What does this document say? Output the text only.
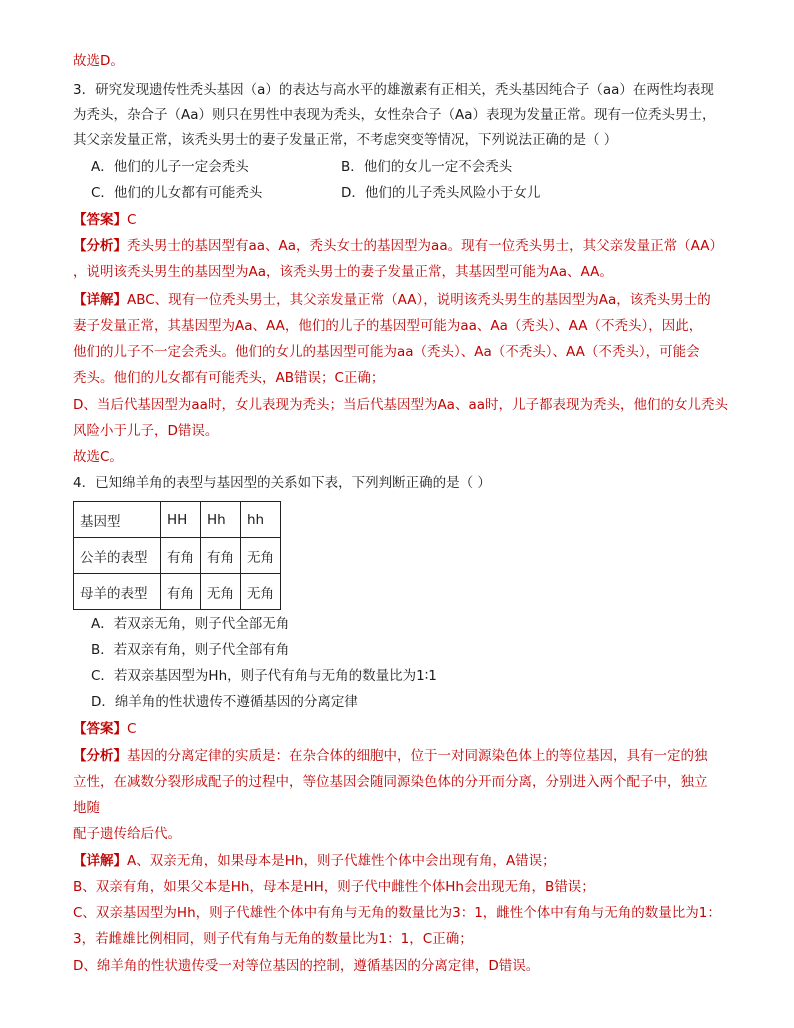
故选D。
3．研究发现遗传性秃头基因（a）的表达与高水平的雄激素有正相关，秃头基因纯合子（aa）在两性均表现
为秃头，杂合子（Aa）则只在男性中表现为秃头，女性杂合子（Aa）表现为发量正常。现有一位秃头男士，
其父亲发量正常，该秃头男士的妻子发量正常，不考虑突变等情况，下列说法正确的是（ ）
A．他们的儿子一定会秃头	B．他们的女儿一定不会秃头
C．他们的儿女都有可能秃头	D．他们的儿子秃头风险小于女儿
【答案】C
【分析】秃头男士的基因型有aa、Aa，秃头女士的基因型为aa。现有一位秃头男士，其父亲发量正常（AA）
，说明该秃头男生的基因型为Aa，该秃头男士的妻子发量正常，其基因型可能为Aa、AA。
【详解】ABC、现有一位秃头男士，其父亲发量正常（AA），说明该秃头男生的基因型为Aa，该秃头男士的
妻子发量正常，其基因型为Aa、AA，他们的儿子的基因型可能为aa、Aa（秃头）、AA（不秃头），因此，
他们的儿子不一定会秃头。他们的女儿的基因型可能为aa（秃头）、Aa（不秃头）、AA（不秃头），可能会
秃头。他们的儿女都有可能秃头，AB错误；C正确；
D、当后代基因型为aa时，女儿表现为秃头；当后代基因型为Aa、aa时，儿子都表现为秃头，他们的女儿秃头
风险小于儿子，D错误。
故选C。
4．已知绵羊角的表型与基因型的关系如下表，下列判断正确的是（ ）
基因型	HH	Hh	hh
公羊的表型	有角	有角	无角
母羊的表型	有角	无角	无角
A．若双亲无角，则子代全部无角
B．若双亲有角，则子代全部有角
C．若双亲基因型为Hh，则子代有角与无角的数量比为1∶1
D．绵羊角的性状遗传不遵循基因的分离定律
【答案】C
【分析】基因的分离定律的实质是：在杂合体的细胞中，位于一对同源染色体上的等位基因，具有一定的独
立性，在减数分裂形成配子的过程中，等位基因会随同源染色体的分开而分离，分别进入两个配子中，独立
地随
配子遗传给后代。
【详解】A、双亲无角，如果母本是Hh，则子代雄性个体中会出现有角，A错误；
B、双亲有角，如果父本是Hh，母本是HH，则子代中雌性个体Hh会出现无角，B错误；
C、双亲基因型为Hh，则子代雄性个体中有角与无角的数量比为3：1，雌性个体中有角与无角的数量比为1：
3，若雌雄比例相同，则子代有角与无角的数量比为1：1，C正确；
D、绵羊角的性状遗传受一对等位基因的控制，遵循基因的分离定律，D错误。
